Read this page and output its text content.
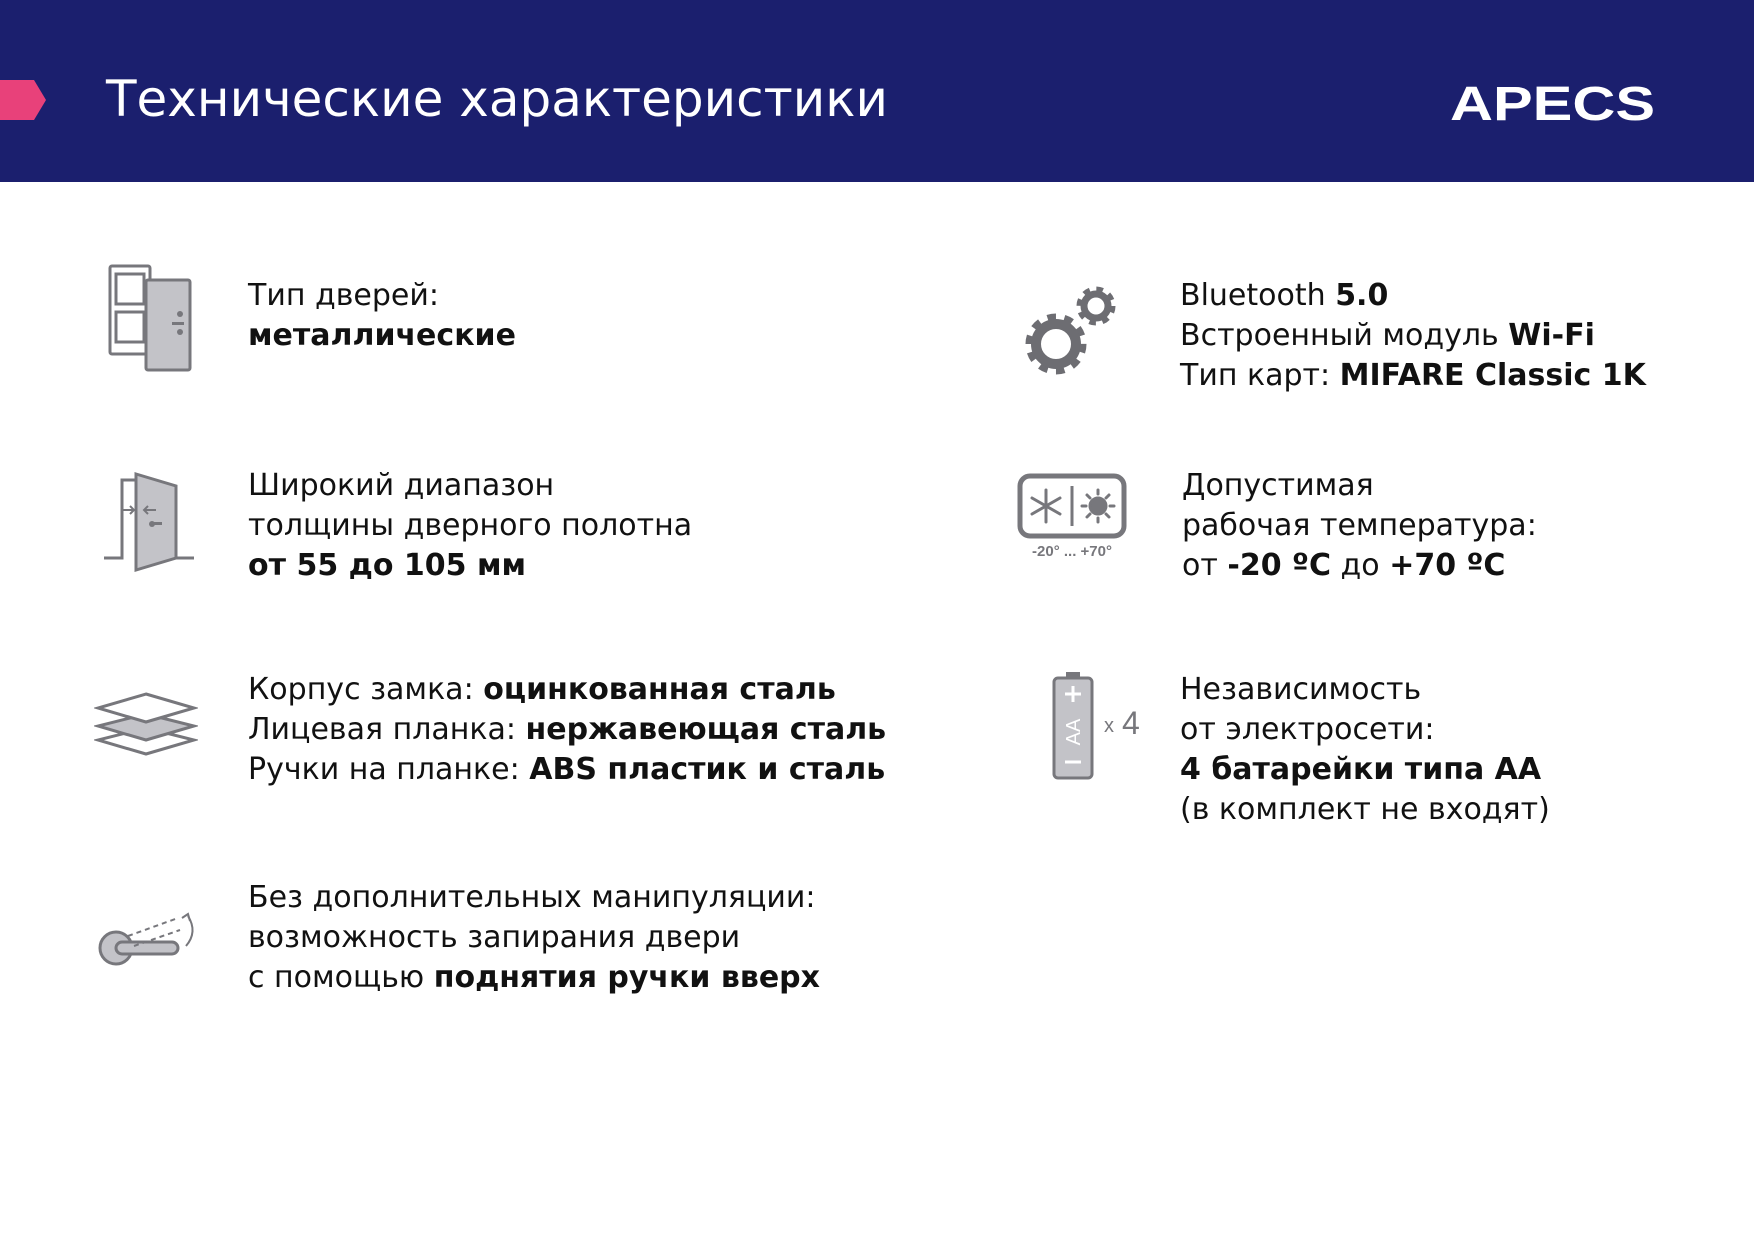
Технические характеристики	APECS
Тип дверей:
металлические
Широкий диапазон
толщины дверного полотна
от 55 до 105 мм
Корпус замка: оцинкованная сталь
Лицевая планка: нержавеющая сталь
Ручки на планке: ABS пластик и сталь
Без дополнительных манипуляции:
возможность запирания двери
с помощью поднятия ручки вверх
Bluetooth 5.0
Встроенный модуль Wi-Fi
Тип карт: MIFARE Classic 1K
-20° ... +70°
Допустимая
рабочая температура:
от -20 ºC до +70 ºC
AA x 4
Независимость
от электросети:
4 батарейки типа АА
(в комплект не входят)
